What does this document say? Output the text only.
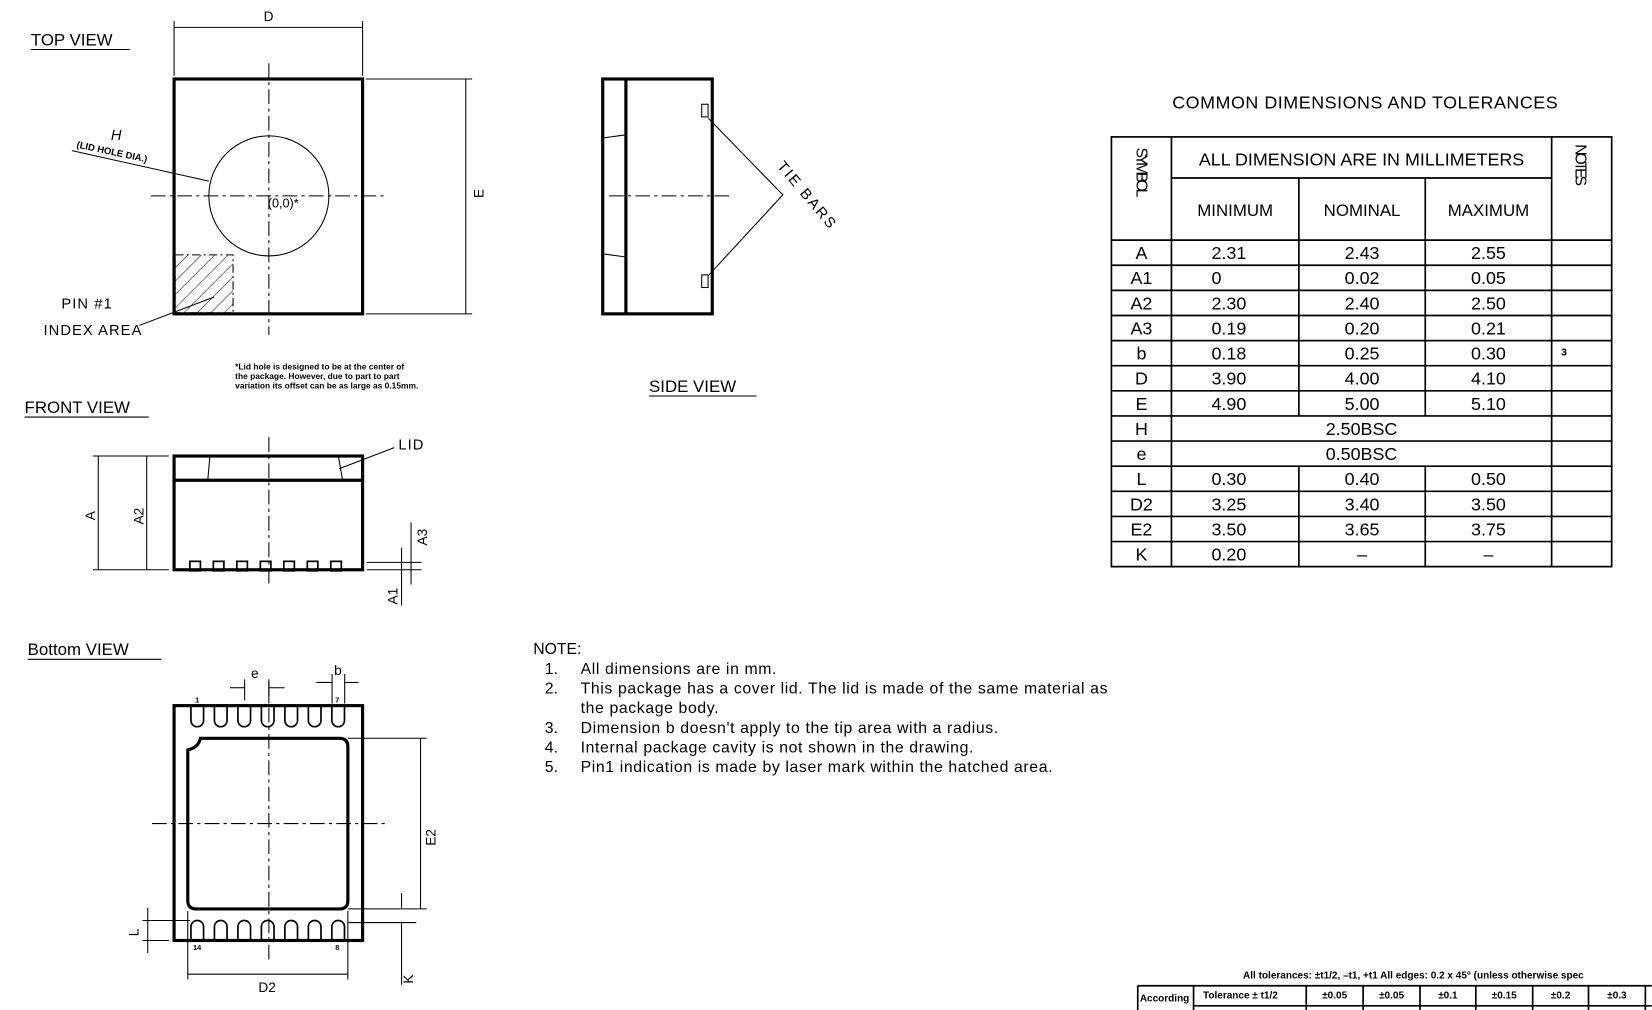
TOP VIEW
D
E
H
(LID HOLE DIA.)
(0,0)*
PIN #1
INDEX AREA
*Lid hole is designed to be at the center of
the package. However, due to part to part
variation its offset can be as large as 0.15mm.
TIE BARS
SIDE VIEW
FRONT VIEW
A	A2
A3
A1
LID
Bottom VIEW
e	b
1	7
14	8
E2
K
L
D2
NOTE:
1. All dimensions are in mm.
2. This package has a cover lid. The lid is made of the same material as
the package body.
3. Dimension b doesn't apply to the tip area with a radius.
4. Internal package cavity is not shown in the drawing.
5. Pin1 indication is made by laser mark within the hatched area.
COMMON DIMENSIONS AND TOLERANCES
ALL DIMENSION ARE IN MILLIMETERS
MINIMUM	NOMINAL	MAXIMUM
SYMBOL	NOTES
A	2.31	2.43	2.55
A1	0	0.02	0.05
A2	2.30	2.40	2.50
A3	0.19	0.20	0.21
b	0.18	0.25	0.30	3
D	3.90	4.00	4.10
E	4.90	5.00	5.10
H	2.50BSC
e	0.50BSC
L	0.30	0.40	0.50
D2	3.25	3.40	3.50
E2	3.50	3.65	3.75
K	0.20	–	–
All tolerances: ±t1/2, –t1, +t1 All edges: 0.2 x 45° (unless otherwise spec
According Tolerance ± t1/2	±0.05	±0.05	±0.1	±0.15	±0.2	±0.3
